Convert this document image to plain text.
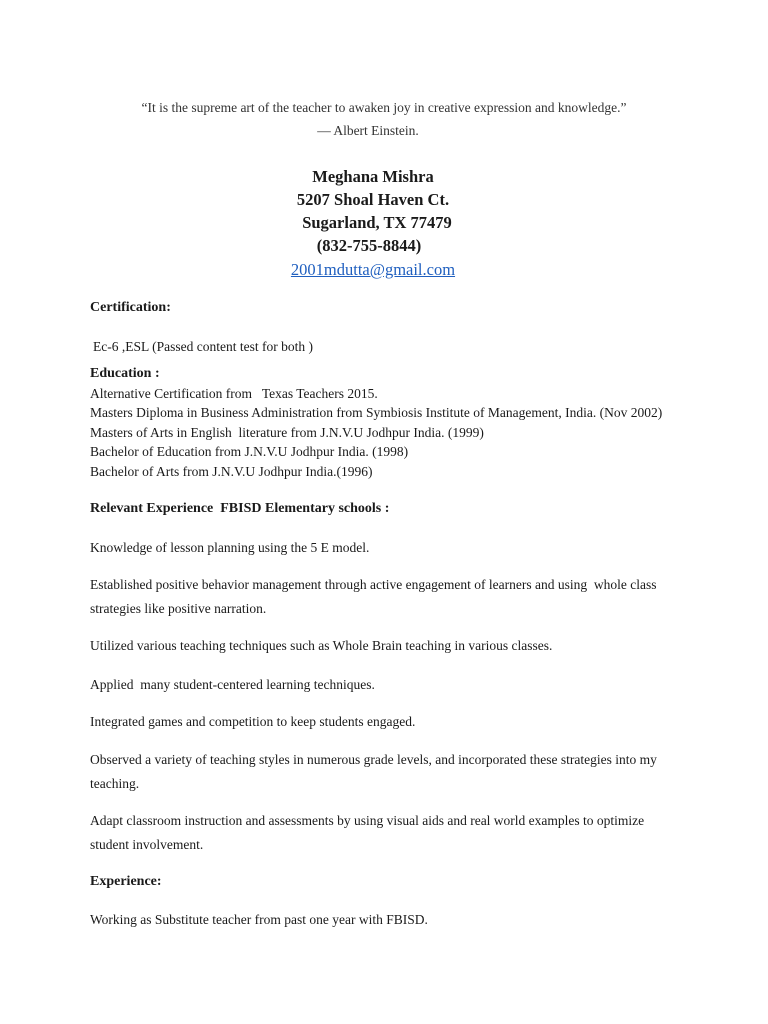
“It is the supreme art of the teacher to awaken joy in creative expression and knowledge.”
— Albert Einstein.
Meghana Mishra
5207 Shoal Haven Ct.
Sugarland, TX 77479
(832-755-8844)
2001mdutta@gmail.com
Certification:
Ec-6 ,ESL (Passed content test for both )
Education :
Alternative Certification from   Texas Teachers 2015.
Masters Diploma in Business Administration from Symbiosis Institute of Management, India. (Nov 2002)
Masters of Arts in English  literature from J.N.V.U Jodhpur India. (1999)
Bachelor of Education from J.N.V.U Jodhpur India. (1998)
Bachelor of Arts from J.N.V.U Jodhpur India.(1996)
Relevant Experience  FBISD Elementary schools :
Knowledge of lesson planning using the 5 E model.
Established positive behavior management through active engagement of learners and using  whole class
strategies like positive narration.
Utilized various teaching techniques such as Whole Brain teaching in various classes.
Applied  many student-centered learning techniques.
Integrated games and competition to keep students engaged.
Observed a variety of teaching styles in numerous grade levels, and incorporated these strategies into my
teaching.
Adapt classroom instruction and assessments by using visual aids and real world examples to optimize
student involvement.
Experience:
Working as Substitute teacher from past one year with FBISD.
